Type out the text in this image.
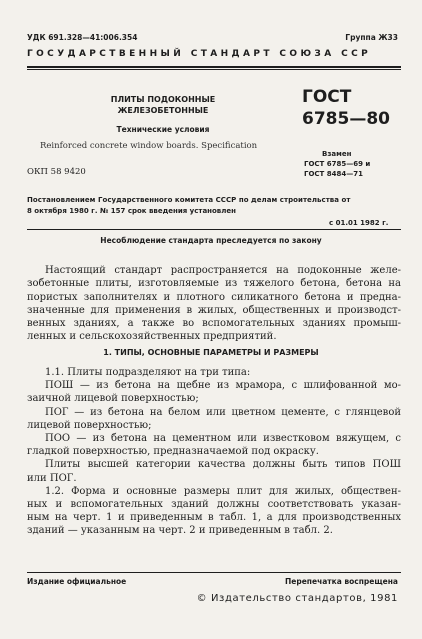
УДК 691.328—41:006.354	Группа Ж33
ГОСУДАРСТВЕННЫЙ СТАНДАРТ СОЮЗА ССР
ПЛИТЫ ПОДОКОННЫЕ
ЖЕЛЕЗОБЕТОННЫЕ
Технические условия
Reinforced concrete window boards. Specification
ОКП 58 9420
ГОСТ
6785—80
Взамен
ГОСТ 6785—69 и
ГОСТ 8484—71
Постановлением Государственного комитета СССР по делам строительства от
8 октября 1980 г. № 157 срок введения установлен
с 01.01 1982 г.
Несоблюдение стандарта преследуется по закону
Настоящий стандарт распространяется на подоконные желе-
зобетонные плиты, изготовляемые из тяжелого бетона, бетона на
пористых заполнителях и плотного силикатного бетона и предна-
значенные для применения в жилых, общественных и производст-
венных зданиях, а также во вспомогательных зданиях промыш-
ленных и сельскохозяйственных предприятий.
1. ТИПЫ, ОСНОВНЫЕ ПАРАМЕТРЫ И РАЗМЕРЫ
1.1. Плиты подразделяют на три типа:
ПОШ — из бетона на щебне из мрамора, с шлифованной мо-
заичной лицевой поверхностью;
ПОГ — из бетона на белом или цветном цементе, с глянцевой
лицевой поверхностью;
ПОО — из бетона на цементном или известковом вяжущем, с
гладкой поверхностью, предназначаемой под окраску.
Плиты высшей категории качества должны быть типов ПОШ
или ПОГ.
1.2. Форма и основные размеры плит для жилых, обществен-
ных и вспомогательных зданий должны соответствовать указан-
ным на черт. 1 и приведенным в табл. 1, а для производственных
зданий — указанным на черт. 2 и приведенным в табл. 2.
Издание официальное	Перепечатка воспрещена
© Издательство стандартов, 1981
